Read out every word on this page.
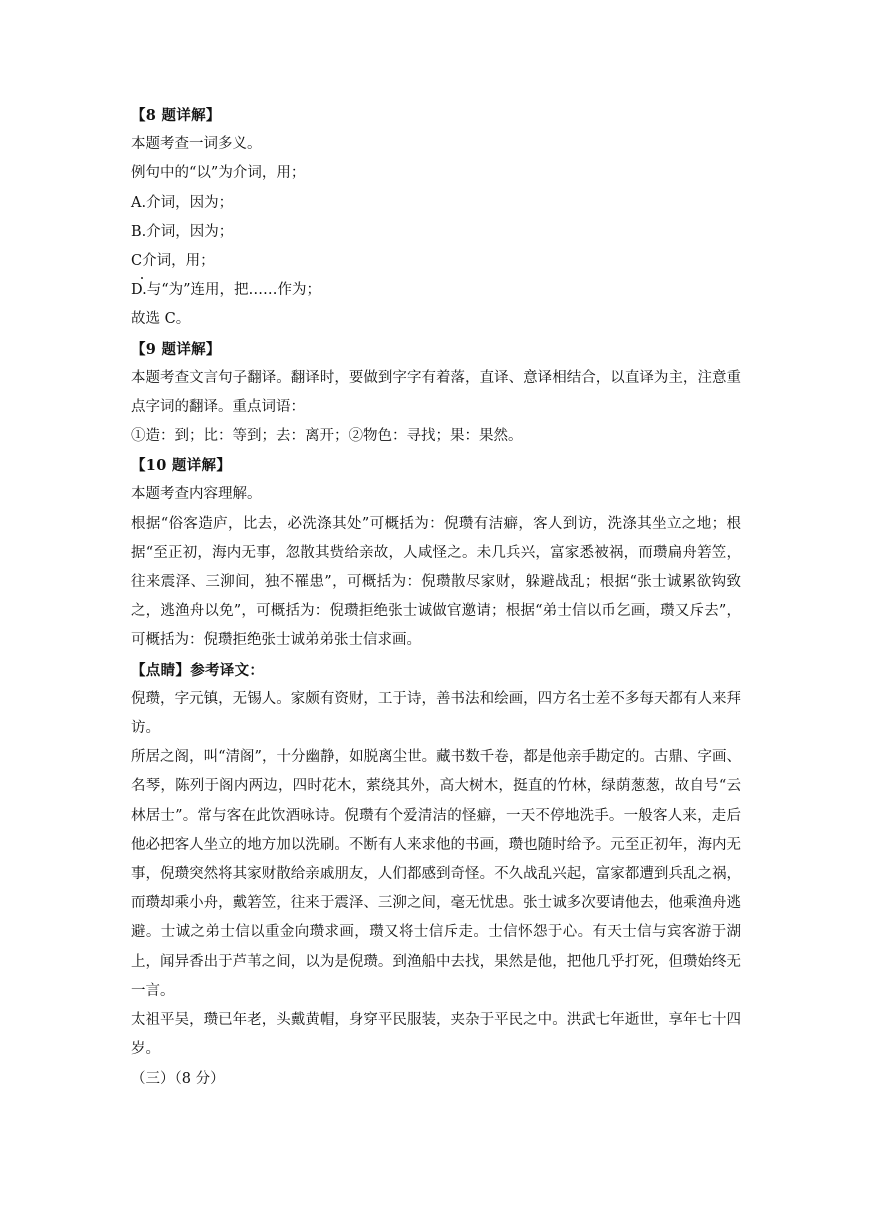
【8 题详解】
本题考查一词多义。
例句中的“以”为介词，用；
A.介词，因为；
B.介词，因为；
C介词，用；
D.与“为”连用，把……作为；
故选 C。
【9 题详解】
本题考查文言句子翻译。翻译时，要做到字字有着落，直译、意译相结合，以直译为主，注意重点字词的翻译。重点词语：
①造：到；比：等到；去：离开；②物色：寻找；果：果然。
【10 题详解】
本题考查内容理解。
根据“俗客造庐，比去，必洗涤其处”可概括为：倪瓒有洁癖，客人到访，洗涤其坐立之地；根据“至正初，海内无事，忽散其赀给亲故，人咸怪之。未几兵兴，富家悉被祸，而瓒扁舟箬笠，往来震泽、三泖间，独不罹患”，可概括为：倪瓒散尽家财，躲避战乱；根据“张士诚累欲钩致之，逃渔舟以免”，可概括为：倪瓒拒绝张士诚做官邀请；根据“弟士信以币乞画，瓒又斥去”，可概括为：倪瓒拒绝张士诚弟弟张士信求画。
【点睛】参考译文：
倪瓒，字元镇，无锡人。家颇有资财，工于诗，善书法和绘画，四方名士差不多每天都有人来拜访。
所居之阁，叫“清阁”，十分幽静，如脱离尘世。藏书数千卷，都是他亲手勘定的。古鼎、字画、名琴，陈列于阁内两边，四时花木，萦绕其外，高大树木，挺直的竹林，绿荫葱葱，故自号“云林居士”。常与客在此饮酒咏诗。倪瓒有个爱清洁的怪癖，一天不停地洗手。一般客人来，走后他必把客人坐立的地方加以洗刷。不断有人来求他的书画，瓒也随时给予。元至正初年，海内无事，倪瓒突然将其家财散给亲戚朋友，人们都感到奇怪。不久战乱兴起，富家都遭到兵乱之祸，而瓒却乘小舟，戴箬笠，往来于震泽、三泖之间，毫无忧患。张士诚多次要请他去，他乘渔舟逃避。士诚之弟士信以重金向瓒求画，瓒又将士信斥走。士信怀怨于心。有天士信与宾客游于湖上，闻异香出于芦苇之间，以为是倪瓒。到渔船中去找，果然是他，把他几乎打死，但瓒始终无一言。
太祖平吴，瓒已年老，头戴黄帽，身穿平民服装，夹杂于平民之中。洪武七年逝世，享年七十四岁。
（三）（8 分）
